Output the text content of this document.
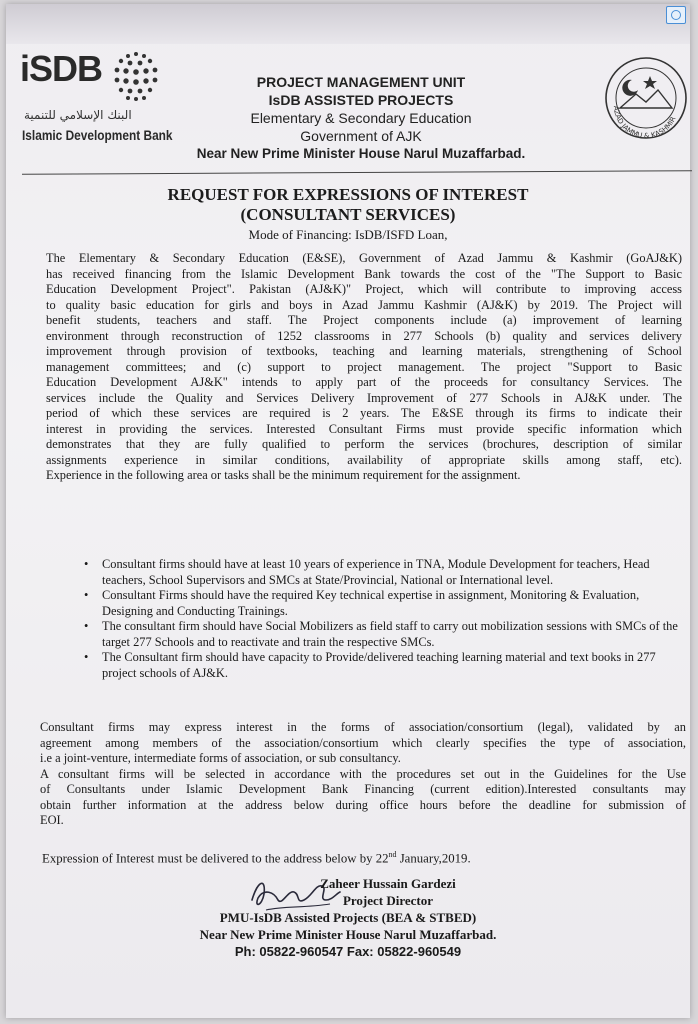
iSDB
البنك الإسلامي للتنمية
Islamic Development Bank
PROJECT MANAGEMENT UNIT
IsDB ASSISTED PROJECTS
Elementary & Secondary Education
Government of AJK
Near New Prime Minister House Narul Muzaffarbad.
AZAD JAMMU & KASHMIR
REQUEST FOR EXPRESSIONS OF INTEREST
(CONSULTANT SERVICES)
Mode of Financing: IsDB/ISFD Loan,
The Elementary & Secondary Education (E&SE), Government of Azad Jammu & Kashmir (GoAJ&K)
has received financing from the Islamic Development Bank towards the cost of the "The Support to Basic
Education Development Project". Pakistan (AJ&K)" Project, which will contribute to improving access
to quality basic education for girls and boys in Azad Jammu Kashmir (AJ&K) by 2019. The Project will
benefit students, teachers and staff. The Project components include (a) improvement of learning
environment through reconstruction of 1252 classrooms in 277 Schools (b) quality and services delivery
improvement through provision of textbooks, teaching and learning materials, strengthening of School
management committees; and (c) support to project management. The project "Support to Basic
Education Development AJ&K" intends to apply part of the proceeds for consultancy Services. The
services include the Quality and Services Delivery Improvement of 277 Schools in AJ&K under. The
period of which these services are required is 2 years. The E&SE through its firms to indicate their
interest in providing the services. Interested Consultant Firms must provide specific information which
demonstrates that they are fully qualified to perform the services (brochures, description of similar
assignments experience in similar conditions, availability of appropriate skills among staff, etc).
Experience in the following area or tasks shall be the minimum requirement for the assignment.
• Consultant firms should have at least 10 years of experience in TNA, Module Development for teachers, Head teachers, School Supervisors and SMCs at State/Provincial, National or International level.
• Consultant Firms should have the required Key technical expertise in assignment, Monitoring & Evaluation, Designing and Conducting Trainings.
• The consultant firm should have Social Mobilizers as field staff to carry out mobilization sessions with SMCs of the target 277 Schools and to reactivate and train the respective SMCs.
• The Consultant firm should have capacity to Provide/delivered teaching learning material and text books in 277 project schools of AJ&K.
Consultant firms may express interest in the forms of association/consortium (legal), validated by an
agreement among members of the association/consortium which clearly specifies the type of association,
i.e a joint-venture, intermediate forms of association, or sub consultancy.
A consultant firms will be selected in accordance with the procedures set out in the Guidelines for the Use
of Consultants under Islamic Development Bank Financing (current edition).Interested consultants may
obtain further information at the address below during office hours before the deadline for submission of
EOI.
Expression of Interest must be delivered to the address below by 22nd January,2019.
Zaheer Hussain Gardezi
Project Director
PMU-IsDB Assisted Projects (BEA & STBED)
Near New Prime Minister House Narul Muzaffarbad.
Ph: 05822-960547 Fax: 05822-960549
